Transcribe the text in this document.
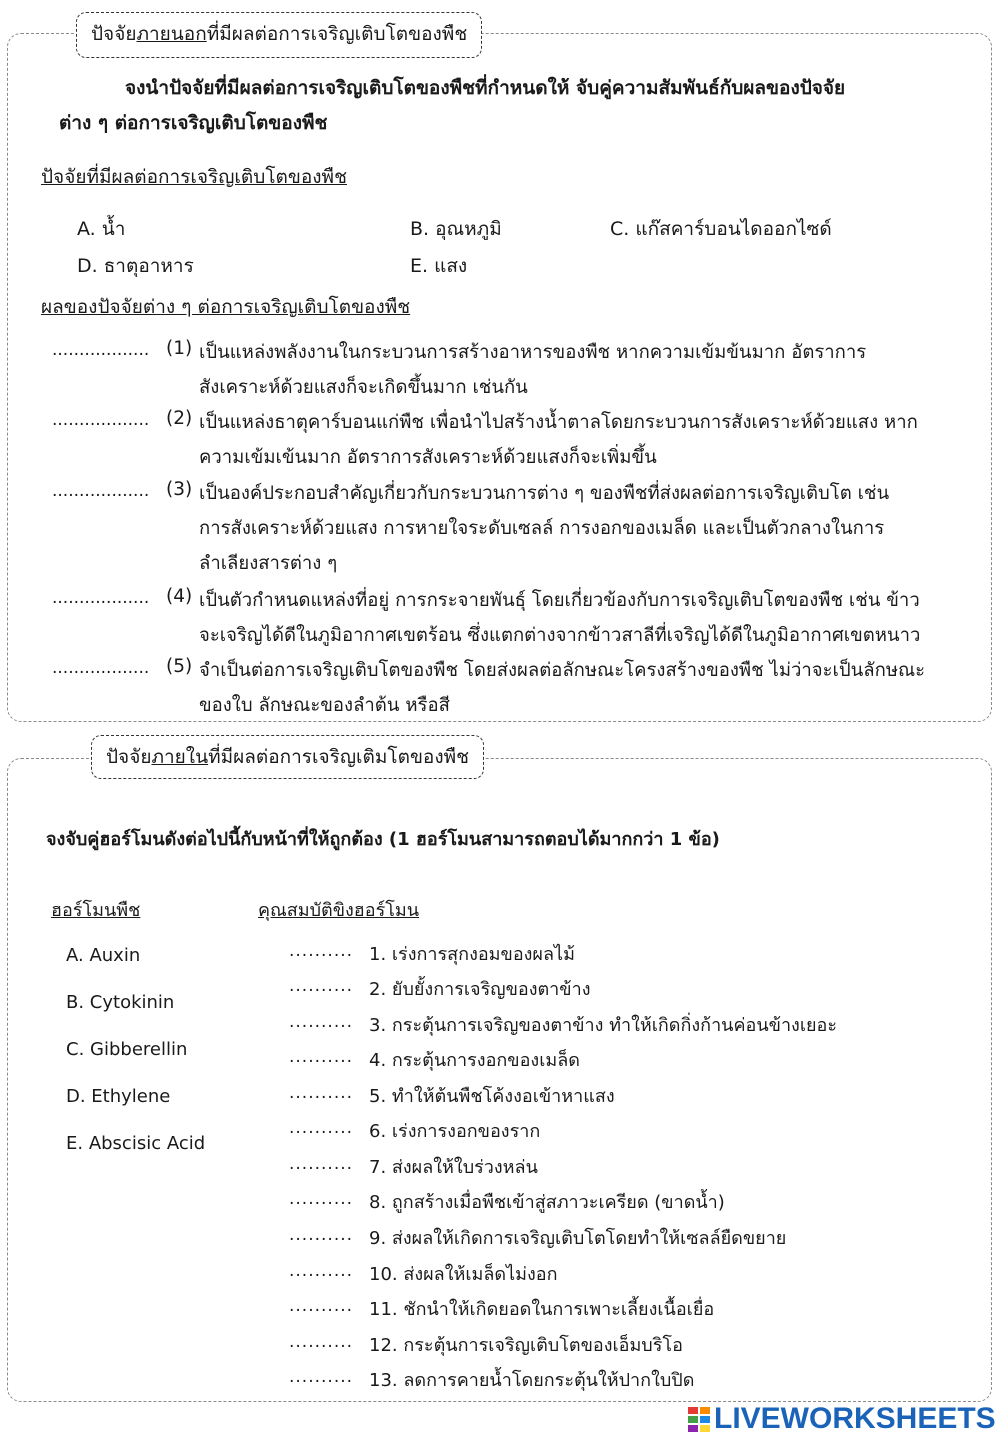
ปัจจัยภายนอกที่มีผลต่อการเจริญเติบโตของพืช
จงนำปัจจัยที่มีผลต่อการเจริญเติบโตของพืชที่กำหนดให้ จับคู่ความสัมพันธ์กับผลของปัจจัย
ต่าง ๆ ต่อการเจริญเติบโตของพืช
ปัจจัยที่มีผลต่อการเจริญเติบโตของพืช
A. น้ำ	B. อุณหภูมิ	C. แก๊สคาร์บอนไดออกไซด์
D. ธาตุอาหาร	E. แสง
ผลของปัจจัยต่าง ๆ ต่อการเจริญเติบโตของพืช
.................. (1) เป็นแหล่งพลังงานในกระบวนการสร้างอาหารของพืช หากความเข้มข้นมาก อัตราการ
สังเคราะห์ด้วยแสงก็จะเกิดขึ้นมาก เช่นกัน
.................. (2) เป็นแหล่งธาตุคาร์บอนแก่พืช เพื่อนำไปสร้างน้ำตาลโดยกระบวนการสังเคราะห์ด้วยแสง หาก
ความเข้มเข้นมาก อัตราการสังเคราะห์ด้วยแสงก็จะเพิ่มขึ้น
.................. (3) เป็นองค์ประกอบสำคัญเกี่ยวกับกระบวนการต่าง ๆ ของพืชที่ส่งผลต่อการเจริญเติบโต เช่น
การสังเคราะห์ด้วยแสง การหายใจระดับเซลล์ การงอกของเมล็ด และเป็นตัวกลางในการ
ลำเลียงสารต่าง ๆ
.................. (4) เป็นตัวกำหนดแหล่งที่อยู่ การกระจายพันธุ์ โดยเกี่ยวข้องกับการเจริญเติบโตของพืช เช่น ข้าว
จะเจริญได้ดีในภูมิอากาศเขตร้อน ซึ่งแตกต่างจากข้าวสาลีที่เจริญได้ดีในภูมิอากาศเขตหนาว
.................. (5) จำเป็นต่อการเจริญเติบโตของพืช โดยส่งผลต่อลักษณะโครงสร้างของพืช ไม่ว่าจะเป็นลักษณะ
ของใบ ลักษณะของลำต้น หรือสี
ปัจจัยภายในที่มีผลต่อการเจริญเติมโตของพืช
จงจับคู่ฮอร์โมนดังต่อไปนี้กับหน้าที่ให้ถูกต้อง (1 ฮอร์โมนสามารถตอบได้มากกว่า 1 ข้อ)
ฮอร์โมนพืช	คุณสมบัติขิงฮอร์โมน
A. Auxin
B. Cytokinin
C. Gibberellin
D. Ethylene
E. Abscisic Acid
.......... 1. เร่งการสุกงอมของผลไม้
.......... 2. ยับยั้งการเจริญของตาข้าง
.......... 3. กระตุ้นการเจริญของตาข้าง ทำให้เกิดกิ่งก้านค่อนข้างเยอะ
.......... 4. กระตุ้นการงอกของเมล็ด
.......... 5. ทำให้ต้นพืชโค้งงอเข้าหาแสง
.......... 6. เร่งการงอกของราก
.......... 7. ส่งผลให้ใบร่วงหล่น
.......... 8. ถูกสร้างเมื่อพืชเข้าสู่สภาวะเครียด (ขาดน้ำ)
.......... 9. ส่งผลให้เกิดการเจริญเติบโตโดยทำให้เซลล์ยืดขยาย
.......... 10. ส่งผลให้เมล็ดไม่งอก
.......... 11. ชักนำให้เกิดยอดในการเพาะเลี้ยงเนื้อเยื่อ
.......... 12. กระตุ้นการเจริญเติบโตของเอ็มบริโอ
.......... 13. ลดการคายน้ำโดยกระตุ้นให้ปากใบปิด
LIVEWORKSHEETS
